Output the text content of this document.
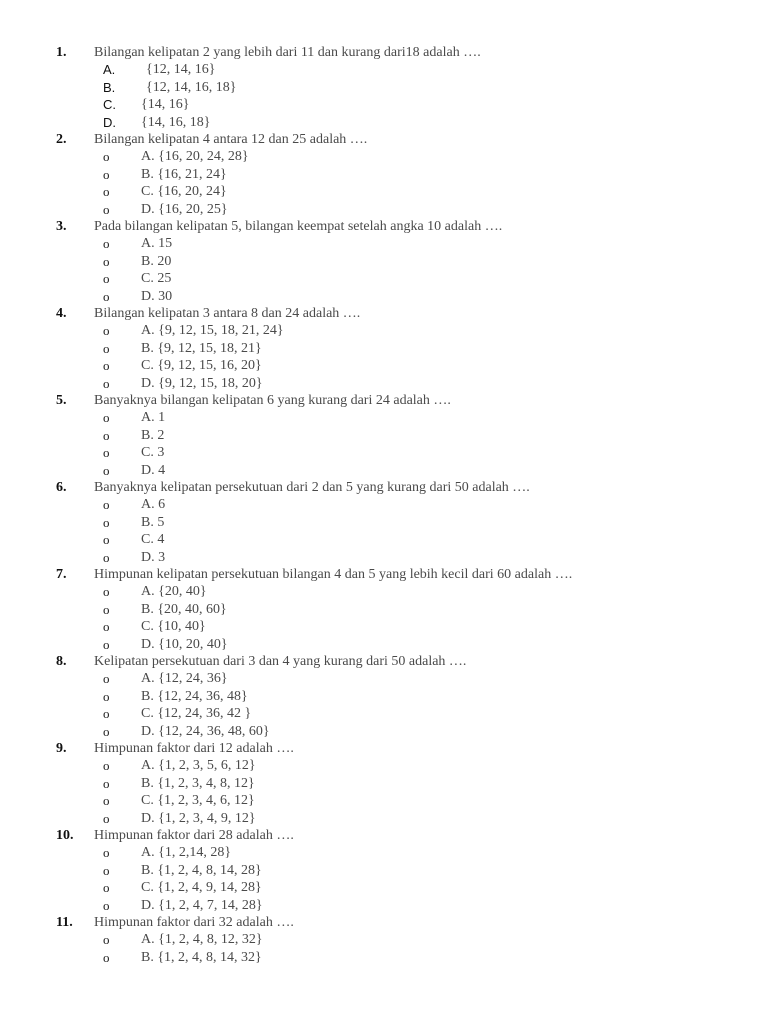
1. Bilangan kelipatan 2 yang lebih dari 11 dan kurang dari18 adalah ….
A. {12, 14, 16}
B. {12, 14, 16, 18}
C. {14, 16}
D. {14, 16, 18}
2. Bilangan kelipatan 4 antara 12 dan 25 adalah ….
o A. {16, 20, 24, 28}
o B. {16, 21, 24}
o C. {16, 20, 24}
o D. {16, 20, 25}
3. Pada bilangan kelipatan 5, bilangan keempat setelah angka 10 adalah ….
o A. 15
o B. 20
o C. 25
o D. 30
4. Bilangan kelipatan 3 antara 8 dan 24 adalah ….
o A. {9, 12, 15, 18, 21, 24}
o B. {9, 12, 15, 18, 21}
o C. {9, 12, 15, 16, 20}
o D. {9, 12, 15, 18, 20}
5. Banyaknya bilangan kelipatan 6 yang kurang dari 24 adalah ….
o A. 1
o B. 2
o C. 3
o D. 4
6. Banyaknya kelipatan persekutuan dari 2 dan 5 yang kurang dari 50 adalah ….
o A. 6
o B. 5
o C. 4
o D. 3
7. Himpunan kelipatan persekutuan bilangan 4 dan 5 yang lebih kecil dari 60 adalah ….
o A. {20, 40}
o B. {20, 40, 60}
o C. {10, 40}
o D. {10, 20, 40}
8. Kelipatan persekutuan dari 3 dan 4 yang kurang dari 50 adalah ….
o A. {12, 24, 36}
o B. {12, 24, 36, 48}
o C. {12, 24, 36, 42 }
o D. {12, 24, 36, 48, 60}
9. Himpunan faktor dari 12 adalah ….
o A. {1, 2, 3, 5, 6, 12}
o B. {1, 2, 3, 4, 8, 12}
o C. {1, 2, 3, 4, 6, 12}
o D. {1, 2, 3, 4, 9, 12}
10. Himpunan faktor dari 28 adalah ….
o A. {1, 2,14, 28}
o B. {1, 2, 4, 8, 14, 28}
o C. {1, 2, 4, 9, 14, 28}
o D. {1, 2, 4, 7, 14, 28}
11. Himpunan faktor dari 32 adalah ….
o A. {1, 2, 4, 8, 12, 32}
o B. {1, 2, 4, 8, 14, 32}
